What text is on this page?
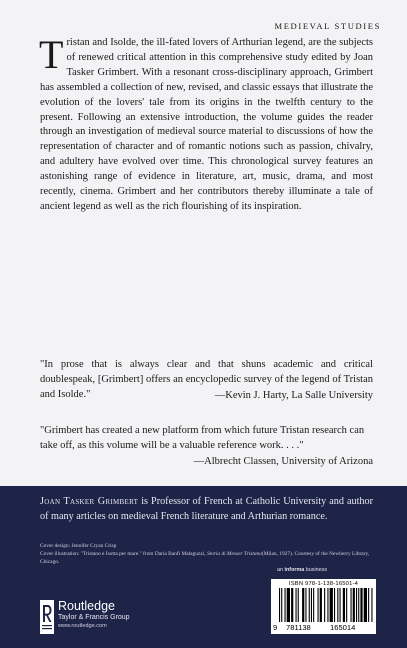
MEDIEVAL STUDIES
Tristan and Isolde, the ill-fated lovers of Arthurian legend, are the subjects of renewed critical attention in this comprehensive study edited by Joan Tasker Grimbert. With a resonant cross-disciplinary approach, Grimbert has assembled a collection of new, revised, and classic essays that illustrate the evolution of the lovers' tale from its origins in the twelfth century to the present. Following an extensive introduction, the volume guides the reader through an investigation of medieval source material to discussions of how the representation of character and of romantic notions such as passion, chivalry, and adultery have evolved over time. This chronological survey features an astonishing range of evidence in literature, art, music, drama, and most recently, cinema. Grimbert and her contributors thereby illuminate a tale of ancient legend as well as the rich flourishing of its inspiration.
"In prose that is always clear and that shuns academic and critical doublespeak, [Grimbert] offers an encyclopedic survey of the legend of Tristan and Isolde."	—Kevin J. Harty, La Salle University
"Grimbert has created a new platform from which future Tristan research can take off, as this volume will be a valuable reference work. . . ."
—Albrecht Classen, University of Arizona
Joan Tasker Grimbert is Professor of French at Catholic University and author of many articles on medieval French literature and Arthurian romance.
Cover design: Jennifer Cryan Crisp
Cover illustration: "Tristano e Isotta per mare." from Daria Banfi Malaguzzi, Storia di Messer Tristano(Milan, 1927). Courtesy of the Newberry Library, Chicago.
an informa business
Routledge
Taylor & Francis Group
www.routledge.com
ISBN 978-1-138-16501-4
9 781138	165014
